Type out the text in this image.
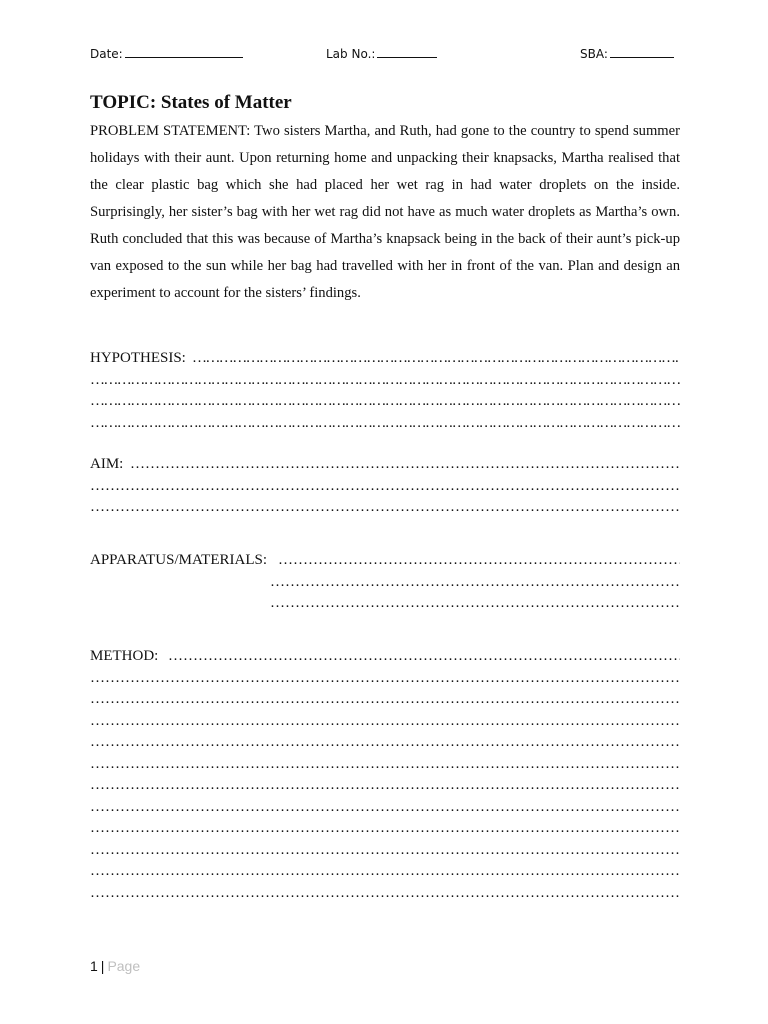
Date:	Lab No.:	SBA:
TOPIC: States of Matter
PROBLEM STATEMENT: Two sisters Martha, and Ruth, had gone to the country to spend summer holidays with their aunt. Upon returning home and unpacking their knapsacks, Martha realised that the clear plastic bag which she had placed her wet rag in had water droplets on the inside. Surprisingly, her sister’s bag with her wet rag did not have as much water droplets as Martha’s own. Ruth concluded that this was because of Martha’s knapsack being in the back of their aunt’s pick-up van exposed to the sun while her bag had travelled with her in front of the van. Plan and design an experiment to account for the sisters’ findings.
HYPOTHESIS:
…………………………………………………………………………………………………………………………………………………………………………………………
…………………………………………………………………………………………………………………………………………………………………………………………
…………………………………………………………………………………………………………………………………………………………………………………………
…………………………………………………………………………………………………………………………………………………………………………………………
AIM:
…………………………………………………………………………………………………………………………………………………………………………………………
…………………………………………………………………………………………………………………………………………………………………………………………
…………………………………………………………………………………………………………………………………………………………………………………………
APPARATUS/MATERIALS:
…………………………………………………………………………………………………………………………………………………………………………………………
…………………………………………………………………………………………………………………………………………………………………………………………
…………………………………………………………………………………………………………………………………………………………………………………………
METHOD:
…………………………………………………………………………………………………………………………………………………………………………………………
…………………………………………………………………………………………………………………………………………………………………………………………
…………………………………………………………………………………………………………………………………………………………………………………………
…………………………………………………………………………………………………………………………………………………………………………………………
…………………………………………………………………………………………………………………………………………………………………………………………
…………………………………………………………………………………………………………………………………………………………………………………………
…………………………………………………………………………………………………………………………………………………………………………………………
…………………………………………………………………………………………………………………………………………………………………………………………
…………………………………………………………………………………………………………………………………………………………………………………………
…………………………………………………………………………………………………………………………………………………………………………………………
…………………………………………………………………………………………………………………………………………………………………………………………
…………………………………………………………………………………………………………………………………………………………………………………………
1 | Page
